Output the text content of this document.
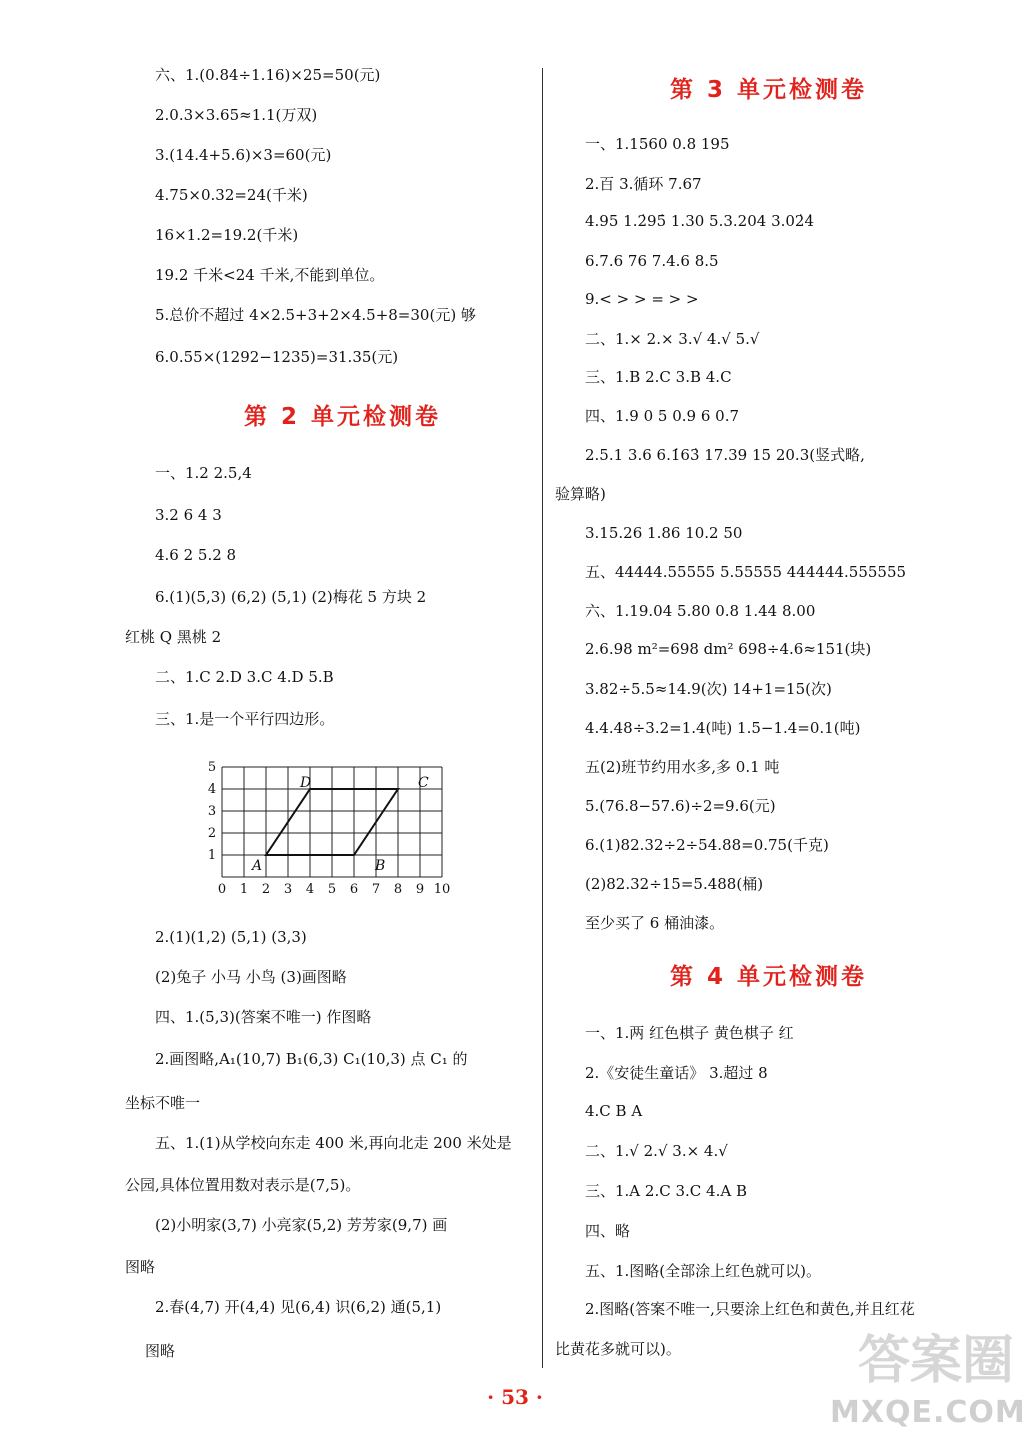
六、1.(0.84÷1.16)×25=50(元)
2.0.3×3.65≈1.1(万双)
3.(14.4+5.6)×3=60(元)
4.75×0.32=24(千米)
16×1.2=19.2(千米)
19.2 千米<24 千米,不能到单位。
5.总价不超过 4×2.5+3+2×4.5+8=30(元) 够
6.0.55×(1292−1235)=31.35(元)
第 2 单元检测卷
一、1.2 2.5,4
3.2 6 4 3
4.6 2 5.2 8
6.(1)(5,3) (6,2) (5,1) (2)梅花 5 方块 2
红桃 Q 黑桃 2
二、1.C 2.D 3.C 4.D 5.B
三、1.是一个平行四边形。
0 1 2 3 4 5 6 7 8 9 10
1
2
3
4
5
A	B
C
D
2.(1)(1,2) (5,1) (3,3)
(2)兔子 小马 小鸟 (3)画图略
四、1.(5,3)(答案不唯一) 作图略
2.画图略,A₁(10,7) B₁(6,3) C₁(10,3) 点 C₁ 的
坐标不唯一
五、1.(1)从学校向东走 400 米,再向北走 200 米处是
公园,具体位置用数对表示是(7,5)。
(2)小明家(3,7) 小亮家(5,2) 芳芳家(9,7) 画
图略
2.春(4,7) 开(4,4) 见(6,4) 识(6,2) 通(5,1)
图略
第 3 单元检测卷
一、1.1560 0.8 195
2.百 3.循环 7.67
4.95 1.2̇95̇ 1.30 5.3.204 3.02̇4̇
6.7.6 76 7.4.6 8.5
9.< > > = > >
二、1.× 2.× 3.√ 4.√ 5.√
三、1.B 2.C 3.B 4.C
四、1.9 0 5 0.9 6 0.7
2.5.1 3.6 6.1̇63̇ 17.39 15 20.3(竖式略,
验算略)
3.15.26 1.86 10.2 50
五、44444.55555 5.55555 444444.555555
六、1.19.04 5.80 0.8 1.44 8.00
2.6.98 m²=698 dm² 698÷4.6≈151(块)
3.82÷5.5≈14.9(次) 14+1=15(次)
4.4.48÷3.2=1.4(吨) 1.5−1.4=0.1(吨)
五(2)班节约用水多,多 0.1 吨
5.(76.8−57.6)÷2=9.6(元)
6.(1)82.32÷2÷54.88=0.75(千克)
(2)82.32÷15=5.488(桶)
至少买了 6 桶油漆。
第 4 单元检测卷
一、1.两 红色棋子 黄色棋子 红
2.《安徒生童话》 3.超过 8
4.C B A
二、1.√ 2.√ 3.× 4.√
三、1.A 2.C 3.C 4.A B
四、略
五、1.图略(全部涂上红色就可以)。
2.图略(答案不唯一,只要涂上红色和黄色,并且红花
比黄花多就可以)。
· 53 ·
答案圈
MXQE.COM
